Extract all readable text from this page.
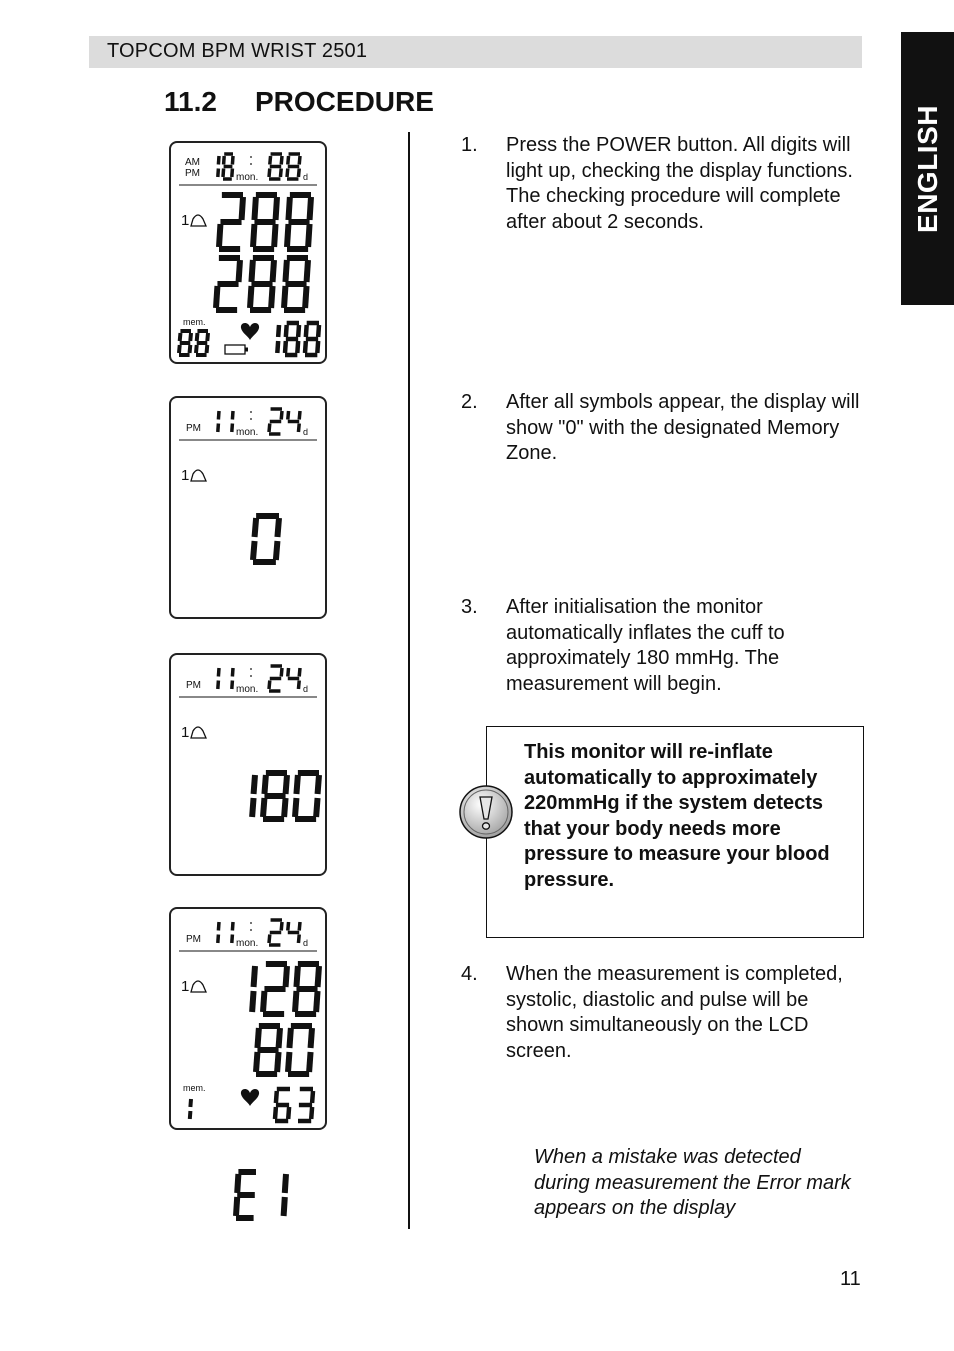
TOPCOM BPM WRIST 2501
ENGLISH
11.2 PROCEDURE
AM
PM	mon.	d
1
mem.
PM	mon.	d
1
PM	mon.	d
1
PM	mon.	d
1
mem.
1. Press the POWER button. All digits will light up, checking the display functions. The checking procedure will complete after about 2 seconds.
2. After all symbols appear, the display will show "0" with the designated Memory Zone.
3. After initialisation the monitor automatically inflates the cuff to approximately 180 mmHg. The measurement will begin.
4. When the measurement is completed, systolic, diastolic and pulse will be shown simultaneously on the LCD screen.
This monitor will re-inflate automatically to approximately 220mmHg if the system detects that your body needs more pressure to measure your blood pressure.
When a mistake was detected during measurement the Error mark appears on the display
11
